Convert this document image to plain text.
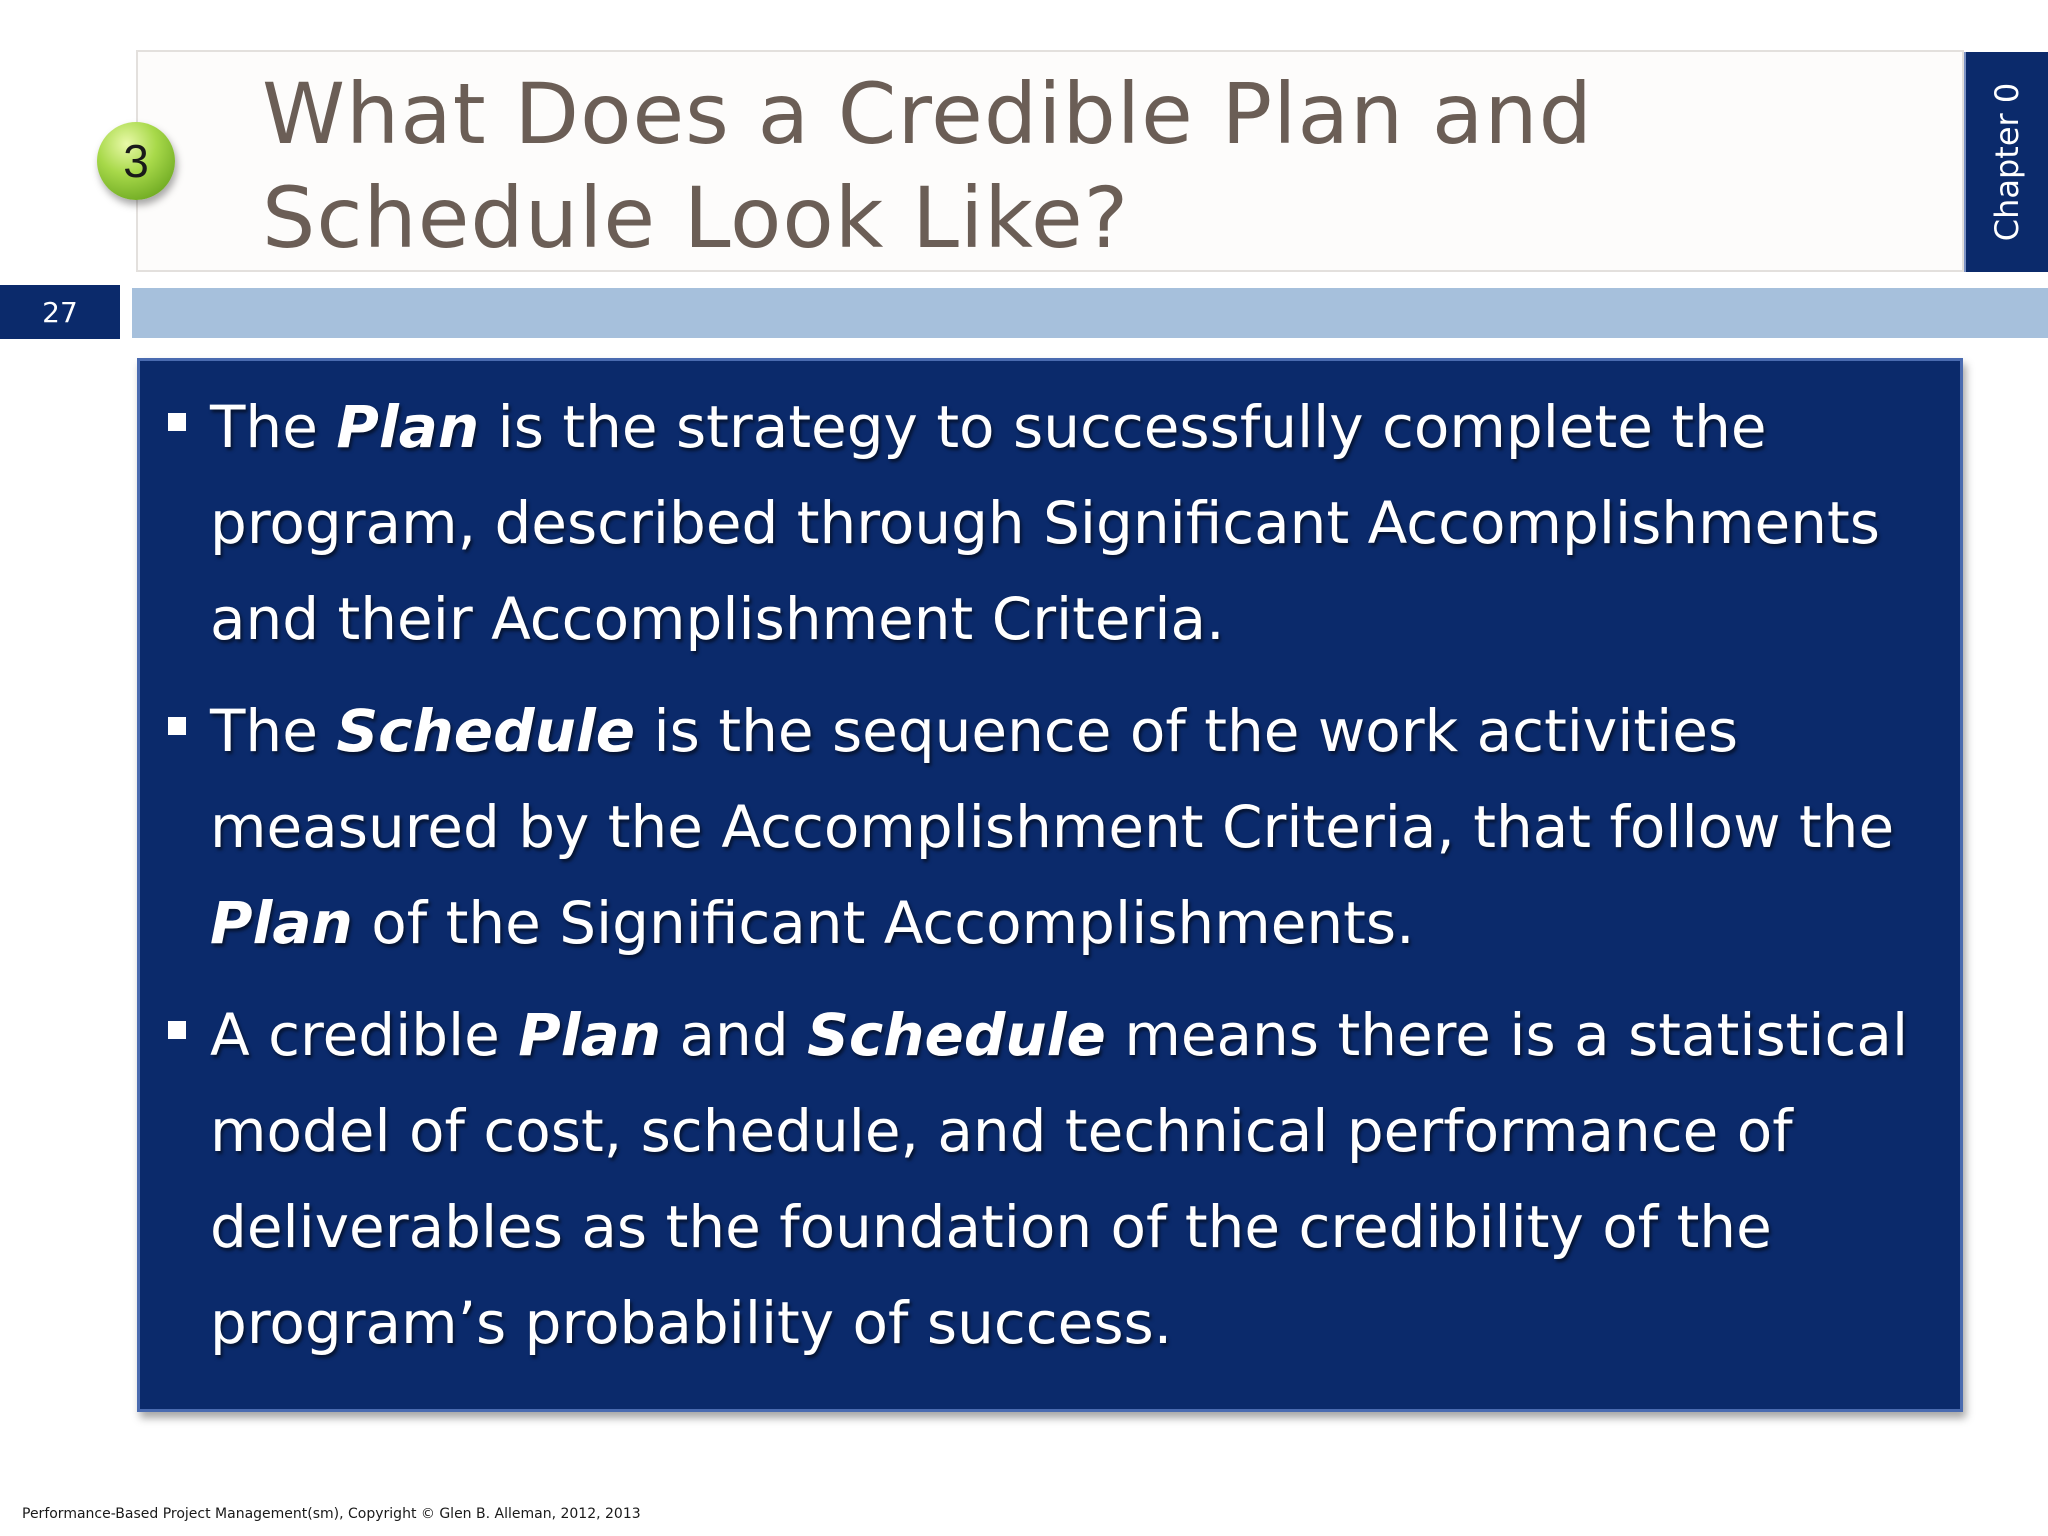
3 What Does a Credible Plan and
Schedule Look Like?	Chapter 0
27
The Plan is the strategy to successfully complete the program, described through Significant Accomplishments and their Accomplishment Criteria.
The Schedule is the sequence of the work activities measured by the Accomplishment Criteria, that follow the Plan of the Significant Accomplishments.
A credible Plan and Schedule means there is a statistical model of cost, schedule, and technical performance of deliverables as the foundation of the credibility of the program’s probability of success.
Performance-Based Project Management(sm), Copyright © Glen B. Alleman, 2012, 2013
